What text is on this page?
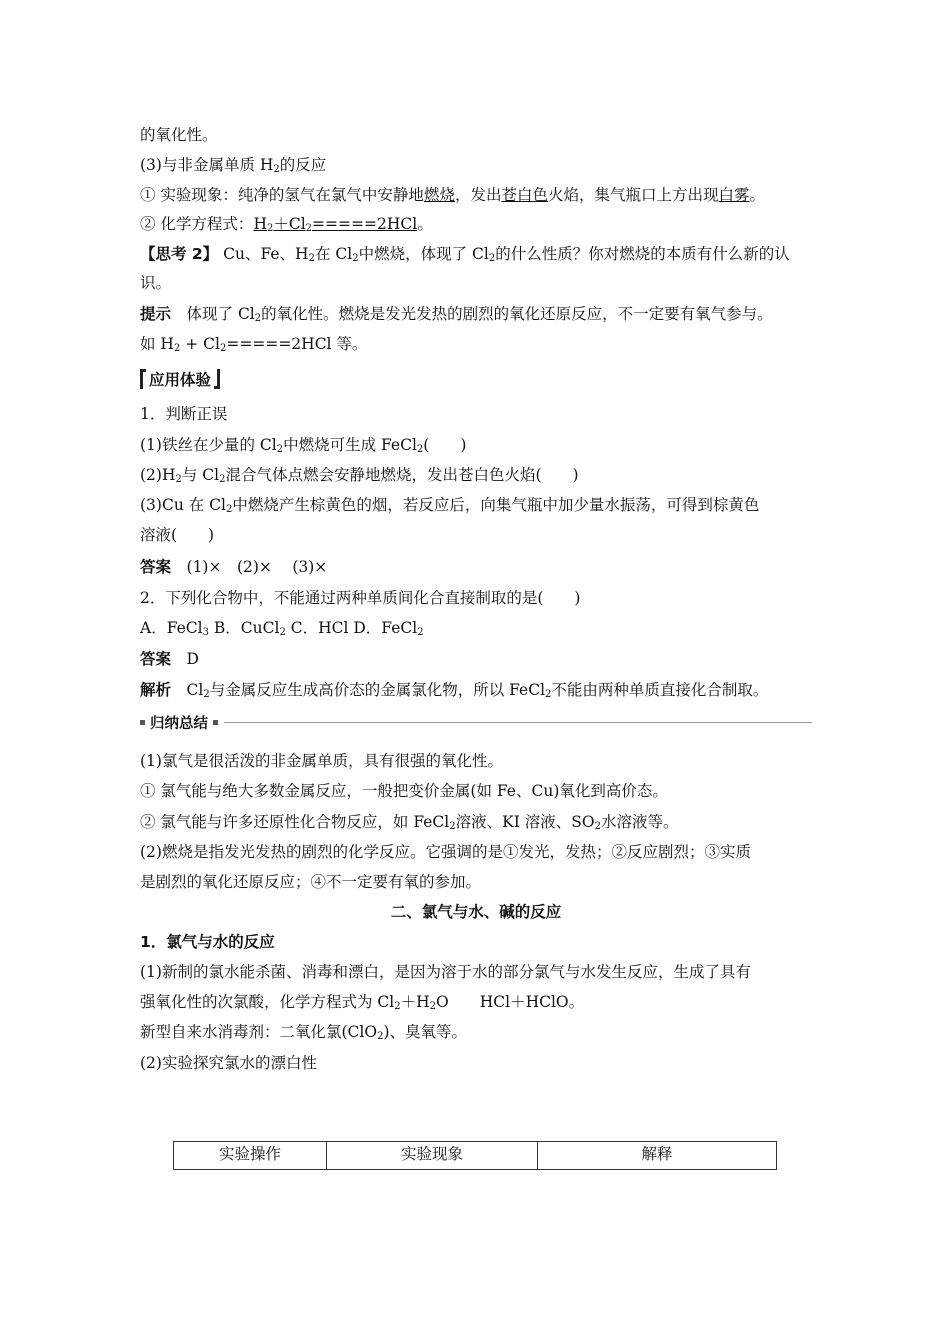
的氧化性。
(3)与非金属单质 $H_2$的反应
① 实验现象：纯净的氢气在氯气中安静地燃烧，发出苍白色火焰，集气瓶口上方出现白雾。
② 化学方程式：$H_2+Cl_2=====2HCl$。
【思考 2】 Cu、Fe、$H_2$在 $Cl_2$中燃烧，体现了 $Cl_2$的什么性质？你对燃烧的本质有什么新的认
识。
提示　体现了 $Cl_2$的氧化性。燃烧是发光发热的剧烈的氧化还原反应，不一定要有氧气参与。
如 $H_2 + Cl_2=====2HCl$ 等。
应用体验
1．判断正误
(1)铁丝在少量的 $Cl_2$中燃烧可生成 FeCl$_2$(　　)
$(2)H_2$与 $Cl_2$混合气体点燃会安静地燃烧，发出苍白色火焰(　　)
(3)Cu 在 $Cl_2$中燃烧产生棕黄色的烟，若反应后，向集气瓶中加少量水振荡，可得到棕黄色
溶液(　　)
答案　(1)×　(2)×　 (3)×
2．下列化合物中，不能通过两种单质间化合直接制取的是(　　)
A．FeCl$_3$ B．CuCl$_2$ C．HCl D．FeCl$_2$
答案　D
解析　$Cl_2$与金属反应生成高价态的金属氯化物，所以 FeCl$_2$不能由两种单质直接化合制取。
归纳总结
(1)氯气是很活泼的非金属单质，具有很强的氧化性。
① 氯气能与绝大多数金属反应，一般把变价金属(如 Fe、Cu)氧化到高价态。
② 氯气能与许多还原性化合物反应，如 FeCl$_2$溶液、KI 溶液、$SO_2$水溶液等。
(2)燃烧是指发光发热的剧烈的化学反应。它强调的是①发光，发热；②反应剧烈；③实质
是剧烈的氧化还原反应；④不一定要有氧的参加。
二、氯气与水、碱的反应
1．氯气与水的反应
(1)新制的氯水能杀菌、消毒和漂白，是因为溶于水的部分氯气与水发生反应，生成了具有
强氧化性的次氯酸，化学方程式为 $Cl_2+H_2O$　　HCl＋HClO。
新型自来水消毒剂：二氧化氯(ClO$_2$)、臭氧等。
(2)实验探究氯水的漂白性
实验操作	实验现象	解释
